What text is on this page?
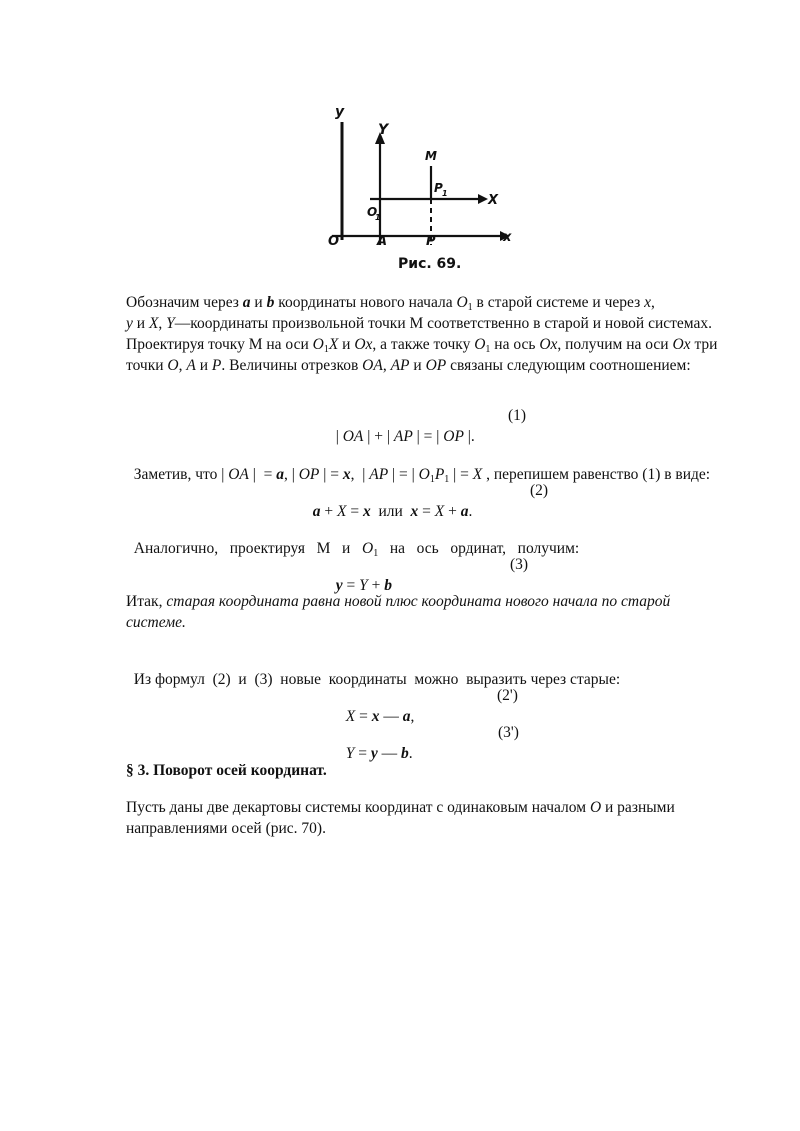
y
Y
M
P 1	X
O
1
O	A	P	x
Рис. 69.
Обозначим через a и b координаты нового начала $O_1$ в старой системе и через x,
y и X, Y—координаты произвольной точки М соответственно в старой и новой системах. Проектируя точку М на оси $O_1X$ и Ox, а также точку $O_1$ на ось Ox, получим на оси Ox три точки O, A и P. Величины отрезков OA, AP и OP связаны следующим соотношением:

| OA | + | AP | = | OP |.

(1)

Заметив, что | OA |  = a, | OP | = x,  | AP | = | $O_1P_1$ | = X , перепишем равенство (1) в виде:

a + X = x  или  x = X + a.

(2)

Аналогично,   проектируя   М   и   $O_1$   на   ось   ординат,   получим:

y = Y + b

(3)
Итак, старая координата равна новой плюс координата нового начала по старой системе.

Из формул  (2)  и  (3)  новые  координаты  можно  выразить через старые:

X = x — a,

(2')

Y = y — b.

(3')
§ 3. Поворот осей координат.
Пусть даны две декартовы системы координат с одинаковым началом O и разными направлениями осей (рис. 70).
